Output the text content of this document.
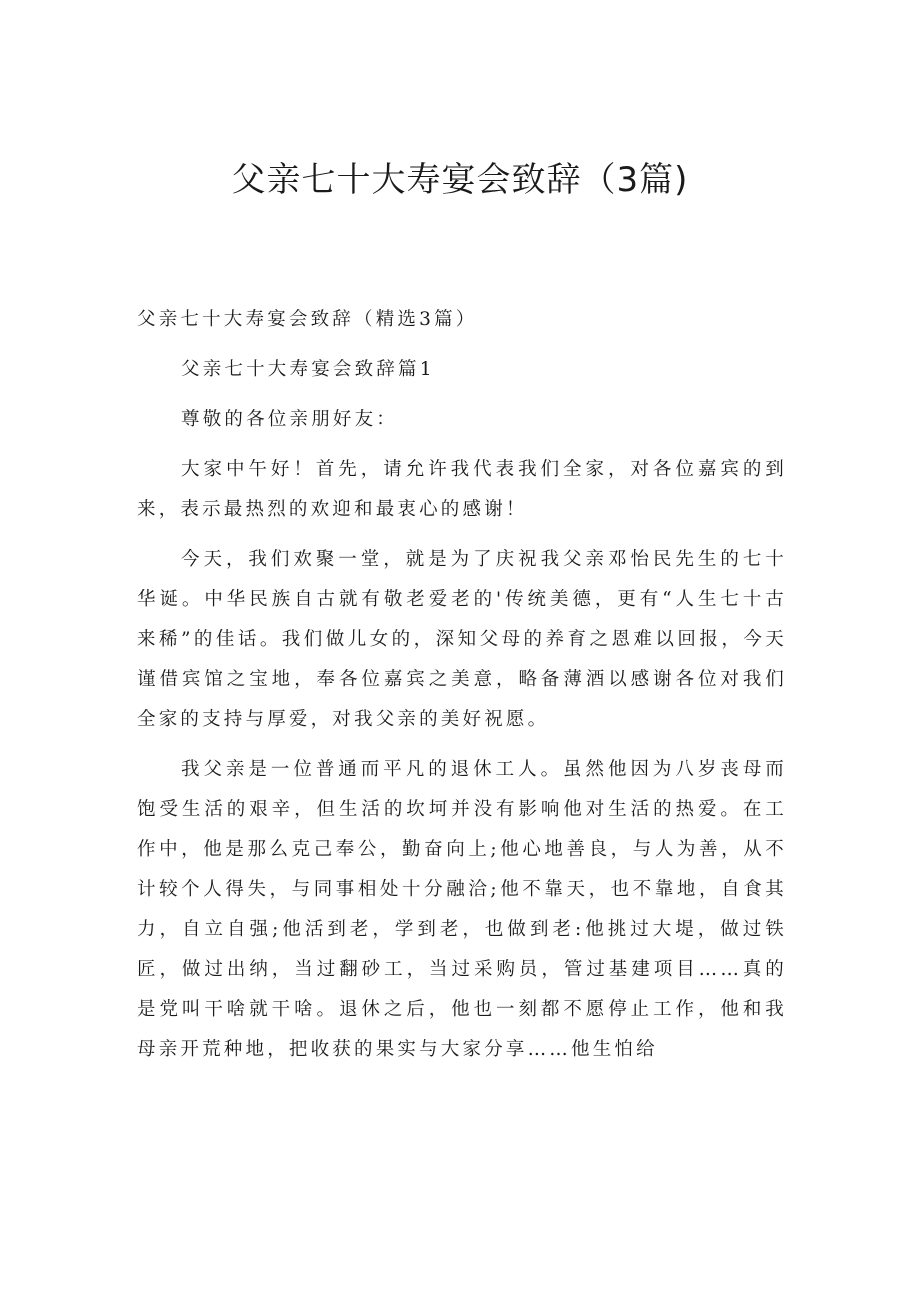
父亲七十大寿宴会致辞（3篇)

父亲七十大寿宴会致辞（精选3篇）

父亲七十大寿宴会致辞篇1

尊敬的各位亲朋好友：

大家中午好！首先，请允许我代表我们全家，对各位嘉宾的到来，表示最热烈的欢迎和最衷心的感谢！

今天，我们欢聚一堂，就是为了庆祝我父亲邓怡民先生的七十华诞。中华民族自古就有敬老爱老的'传统美德，更有“人生七十古来稀”的佳话。我们做儿女的，深知父母的养育之恩难以回报，今天谨借宾馆之宝地，奉各位嘉宾之美意，略备薄酒以感谢各位对我们全家的支持与厚爱，对我父亲的美好祝愿。

我父亲是一位普通而平凡的退休工人。虽然他因为八岁丧母而饱受生活的艰辛，但生活的坎坷并没有影响他对生活的热爱。在工作中，他是那么克己奉公，勤奋向上;他心地善良，与人为善，从不计较个人得失，与同事相处十分融洽;他不靠天，也不靠地，自食其力，自立自强;他活到老，学到老，也做到老:他挑过大堤，做过铁匠，做过出纳，当过翻砂工，当过采购员，管过基建项目……真的是党叫干啥就干啥。退休之后，他也一刻都不愿停止工作，他和我母亲开荒种地，把收获的果实与大家分享……他生怕给
